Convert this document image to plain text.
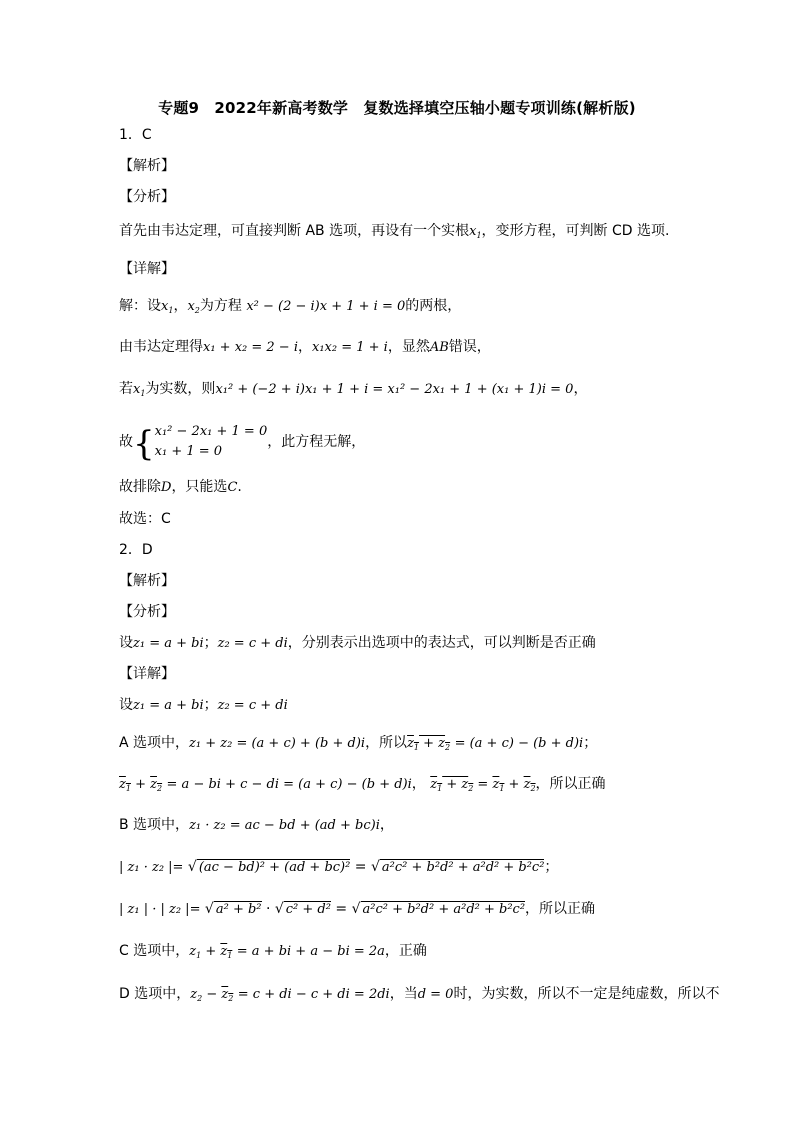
专题9　2022年新高考数学　复数选择填空压轴小题专项训练(解析版)
1．C
【解析】
【分析】
首先由韦达定理，可直接判断 AB 选项，再设有一个实根$x_1$，变形方程，可判断 CD 选项.
【详解】
解：设$x_1$，$x_2$为方程 x² − (2 − i)x + 1 + i = 0的两根，
由韦达定理得x₁ + x₂ = 2 − i，x₁x₂ = 1 + i，显然AB错误，
若$x_1$为实数，则x₁² + (−2 + i)x₁ + 1 + i = x₁² − 2x₁ + 1 + (x₁ + 1)i = 0，
故{x₁² − 2x₁ + 1 = 0
x₁ + 1 = 0，此方程无解，
故排除D，只能选C.
故选：C
2．D
【解析】
【分析】
设z₁ = a + bi；z₂ = c + di，分别表示出选项中的表达式，可以判断是否正确
【详解】
设z₁ = a + bi；z₂ = c + di
A 选项中，z₁ + z₂ = (a + c) + (b + d)i，所以$z_1 + z_2 = (a + c) - (b + d)i$；
$z_1 + z_2 = a$ − bi + c − di = (a + c) − (b + d)i， $z_1 + z_2 = z_1 + z_2$，所以正确
B 选项中，z₁ · z₂ = ac − bd + (ad + bc)i，
| z₁ · z₂ |= √ (ac − bd)² + (ad + bc)² = √ a²c² + b²d² + a²d² + b²c²；
| z₁ | · | z₂ |= √ a² + b² · √ c² + d² = √ a²c² + b²d² + a²d² + b²c²，所以正确
C 选项中，$z_1 + z_1 = a$ + bi + a − bi = 2a，正确
D 选项中，$z_2 - z_2 = c$ + di − c + di = 2di，当d = 0时，为实数，所以不一定是纯虚数，所以不
